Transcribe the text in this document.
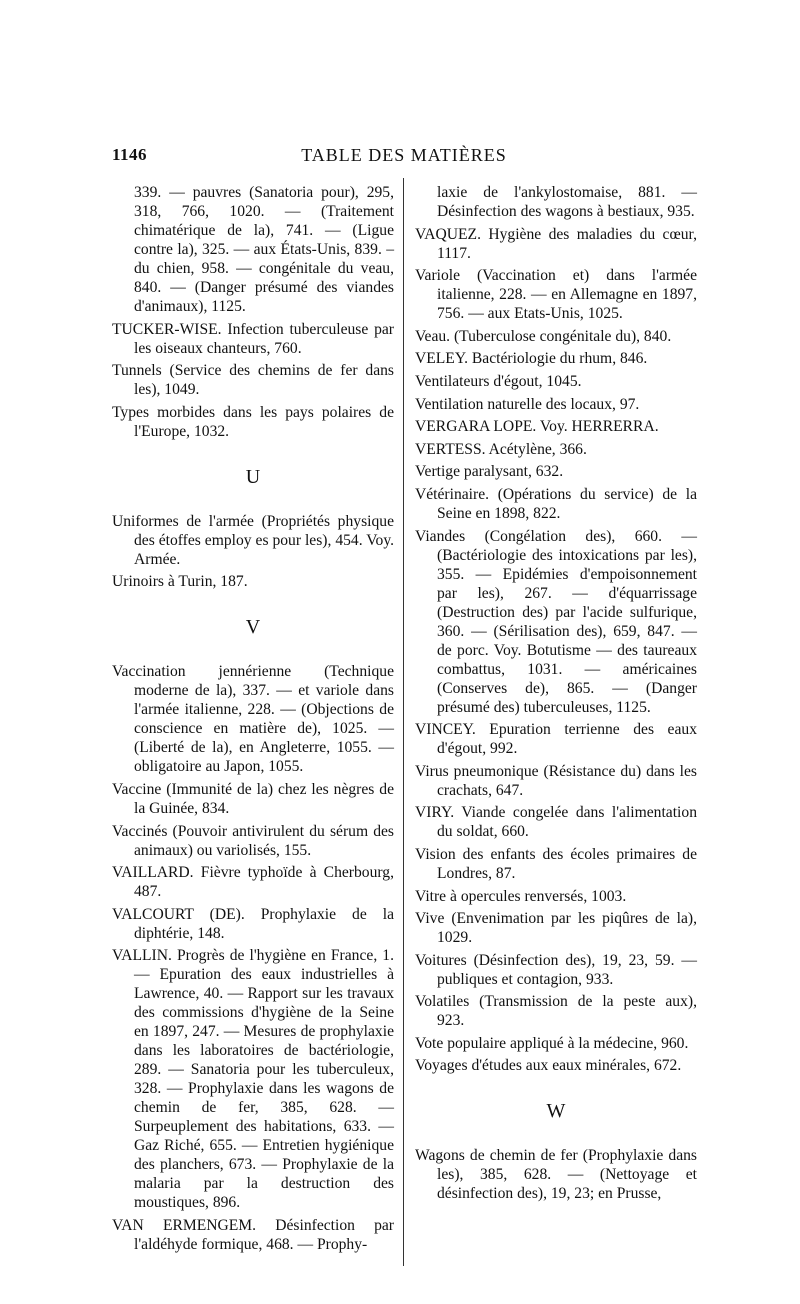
1146	TABLE DES MATIÈRES

339. — pauvres (Sanatoria pour), 295, 318, 766, 1020. — (Traitement chimatérique de la), 741. — (Ligue contre la), 325. — aux États-Unis, 839. – du chien, 958. — congénitale du veau, 840. — (Danger présumé des viandes d'animaux), 1125.

TUCKER-WISE. Infection tuberculeuse par les oiseaux chanteurs, 760.

Tunnels (Service des chemins de fer dans les), 1049.

Types morbides dans les pays polaires de l'Europe, 1032.

U

Uniformes de l'armée (Propriétés physique des étoffes employ es pour les), 454. Voy. Armée.

Urinoirs à Turin, 187.

V

Vaccination jennérienne (Technique moderne de la), 337. — et variole dans l'armée italienne, 228. — (Objections de conscience en matière de), 1025. — (Liberté de la), en Angleterre, 1055. — obligatoire au Japon, 1055.

Vaccine (Immunité de la) chez les nègres de la Guinée, 834.

Vaccinés (Pouvoir antivirulent du sérum des animaux) ou variolisés, 155.

VAILLARD. Fièvre typhoïde à Cherbourg, 487.

VALCOURT (DE). Prophylaxie de la diphtérie, 148.

VALLIN. Progrès de l'hygiène en France, 1. — Epuration des eaux industrielles à Lawrence, 40. — Rapport sur les travaux des commissions d'hygiène de la Seine en 1897, 247. — Mesures de prophylaxie dans les laboratoires de bactériologie, 289. — Sanatoria pour les tuberculeux, 328. — Prophylaxie dans les wagons de chemin de fer, 385, 628. — Surpeuplement des habitations, 633. — Gaz Riché, 655. — Entretien hygiénique des planchers, 673. — Prophylaxie de la malaria par la destruction des moustiques, 896.

VAN ERMENGEM. Désinfection par l'aldéhyde formique, 468. — Prophy-

laxie de l'ankylostomaise, 881. — Désinfection des wagons à bestiaux, 935.

VAQUEZ. Hygiène des maladies du cœur, 1117.

Variole (Vaccination et) dans l'armée italienne, 228. — en Allemagne en 1897, 756. — aux Etats-Unis, 1025.

Veau. (Tuberculose congénitale du), 840.

VELEY. Bactériologie du rhum, 846.

Ventilateurs d'égout, 1045.

Ventilation naturelle des locaux, 97.

VERGARA LOPE. Voy. HERRERRA.

VERTESS. Acétylène, 366.

Vertige paralysant, 632.

Vétérinaire. (Opérations du service) de la Seine en 1898, 822.

Viandes (Congélation des), 660. — (Bactériologie des intoxications par les), 355. — Epidémies d'empoisonnement par les), 267. — d'équarrissage (Destruction des) par l'acide sulfurique, 360. — (Sérilisation des), 659, 847. — de porc. Voy. Botutisme — des taureaux combattus, 1031. — américaines (Conserves de), 865. — (Danger présumé des) tuberculeuses, 1125.

VINCEY. Epuration terrienne des eaux d'égout, 992.

Virus pneumonique (Résistance du) dans les crachats, 647.

VIRY. Viande congelée dans l'alimentation du soldat, 660.

Vision des enfants des écoles primaires de Londres, 87.

Vitre à opercules renversés, 1003.

Vive (Envenimation par les piqûres de la), 1029.

Voitures (Désinfection des), 19, 23, 59. — publiques et contagion, 933.

Volatiles (Transmission de la peste aux), 923.

Vote populaire appliqué à la médecine, 960.

Voyages d'études aux eaux minérales, 672.

W

Wagons de chemin de fer (Prophylaxie dans les), 385, 628. — (Nettoyage et désinfection des), 19, 23; en Prusse,
